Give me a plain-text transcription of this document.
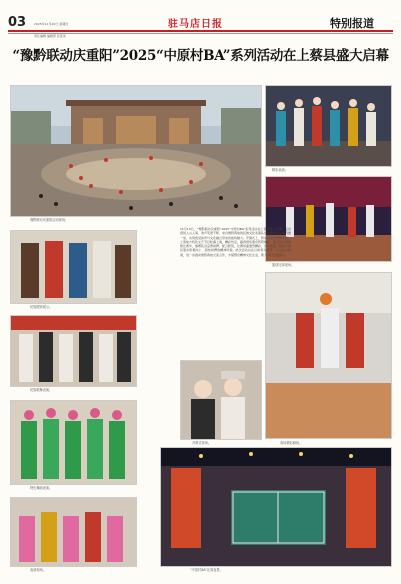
03

	2025年11月20日 星期四

责任编辑 编辑部 张某某

驻马店日报	特别报道
“豫黔联动庆重阳”2025“中原村BA”系列活动在上蔡县盛大启幕
豫黔联动庆重阳活动现场。
精彩表演。
篮球比赛现场。
民族服饰展示。
民族歌舞表演。
特色舞蹈表演。
表演现场。
11月19日，“豫黔联动庆重阳”2025“中原村BA”系列活动在上蔡县盛大启幕。活动现场人山人海，欢声笑语不断，来自豫黔两地的民族文化表演队伍和篮球爱好者齐聚一堂，共同感受体育与文化融合带来的独特魅力。开幕式上，黔东南民族歌舞表演、上蔡地方特色文艺节目轮番上演，精彩纷呈，赢得现场观众阵阵喝彩。随后进行的篮球比赛中，参赛队员奋勇拼搏、配合默契，比赛场面激烈精彩，充分展现了新时代农民朋友积极向上、团结拼搏的精神风貌。此次活动旨在以体育为纽带，以文化为桥梁，进一步推动豫黔两地交流合作，丰富群众精神文化生活，助力乡村全面振兴。
开幕式现场。	赛场精彩瞬间。
“中原村BA”比赛夜景。
